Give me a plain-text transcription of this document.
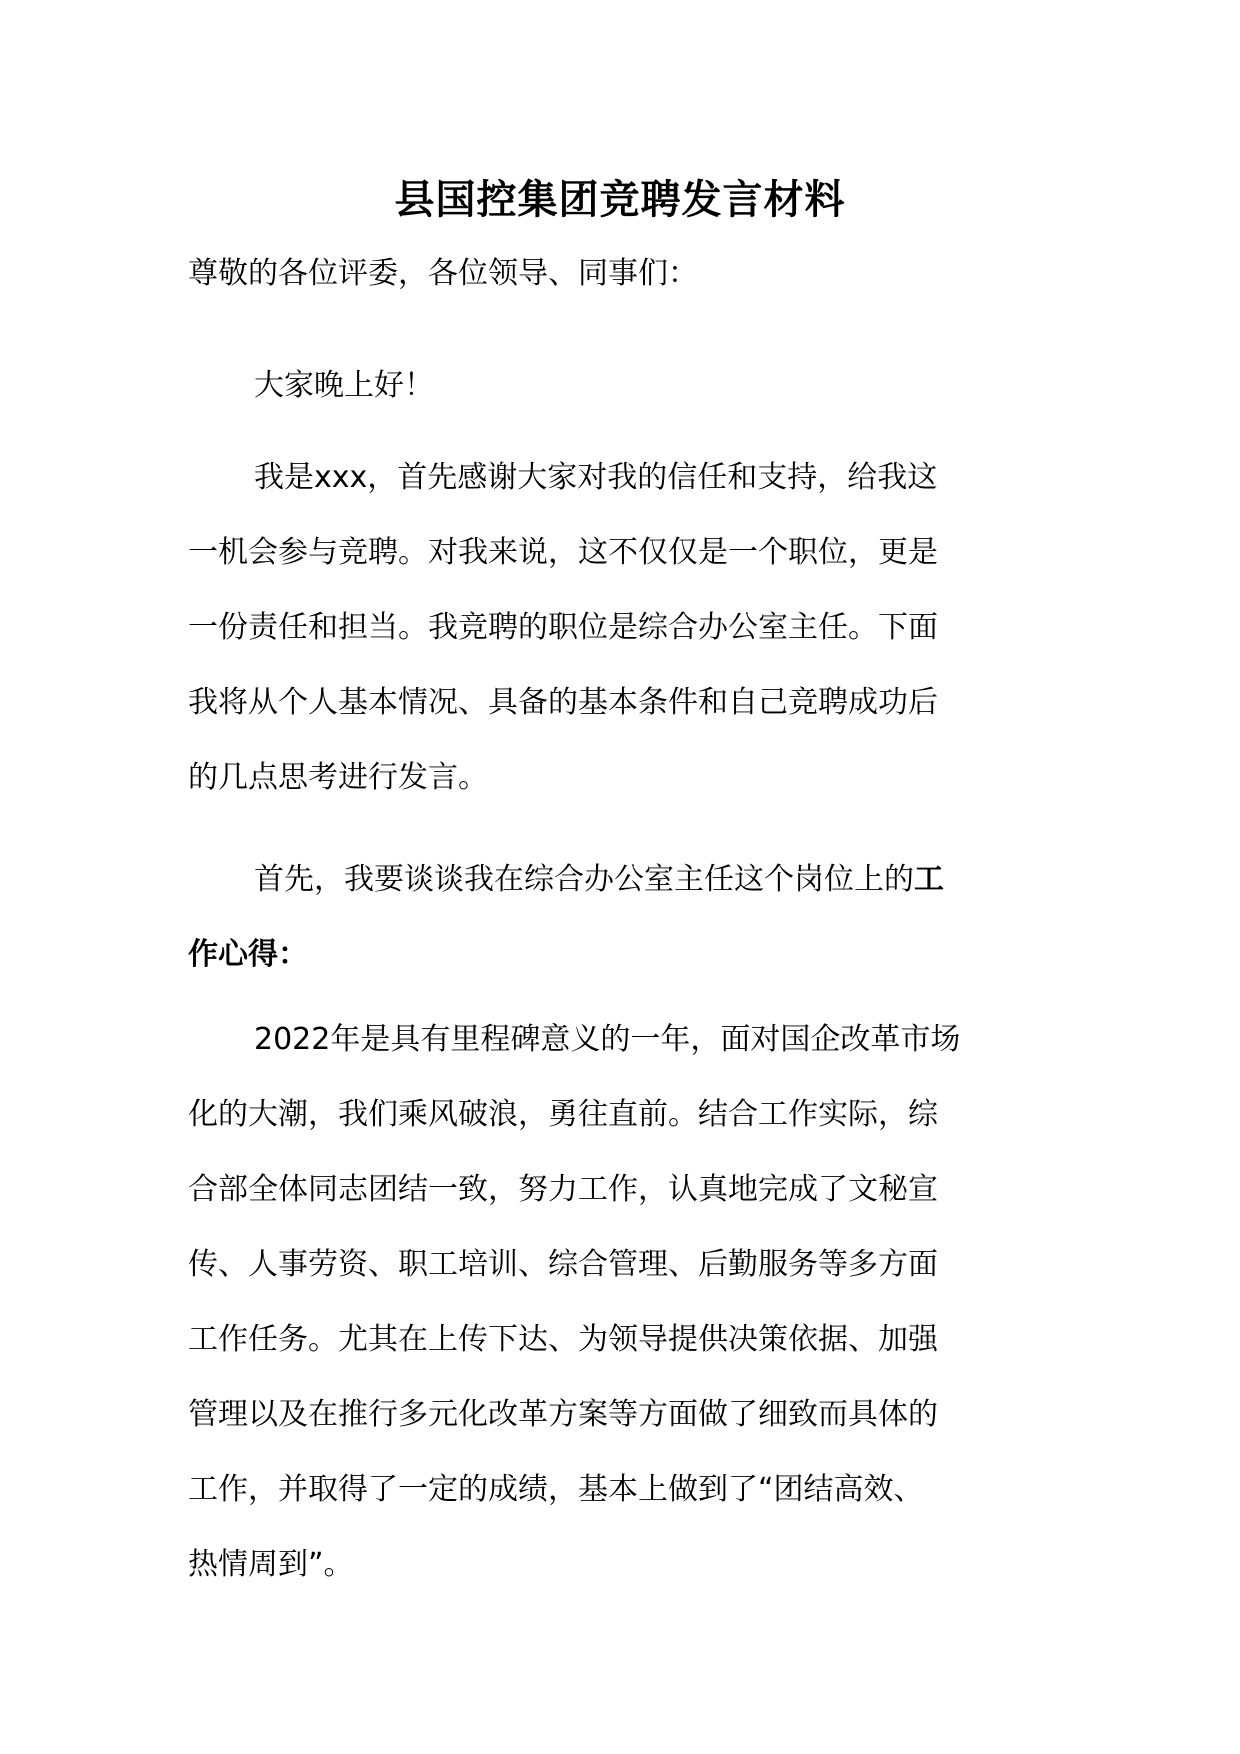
县国控集团竞聘发言材料
尊敬的各位评委，各位领导、同事们：
大家晚上好！
我是xxx，首先感谢大家对我的信任和支持，给我这
一机会参与竞聘。对我来说，这不仅仅是一个职位，更是
一份责任和担当。我竞聘的职位是综合办公室主任。下面
我将从个人基本情况、具备的基本条件和自己竞聘成功后
的几点思考进行发言。
首先，我要谈谈我在综合办公室主任这个岗位上的工
作心得：
2022年是具有里程碑意义的一年，面对国企改革市场
化的大潮，我们乘风破浪，勇往直前。结合工作实际，综
合部全体同志团结一致，努力工作，认真地完成了文秘宣
传、人事劳资、职工培训、综合管理、后勤服务等多方面
工作任务。尤其在上传下达、为领导提供决策依据、加强
管理以及在推行多元化改革方案等方面做了细致而具体的
工作，并取得了一定的成绩，基本上做到了“团结高效、
热情周到”。
